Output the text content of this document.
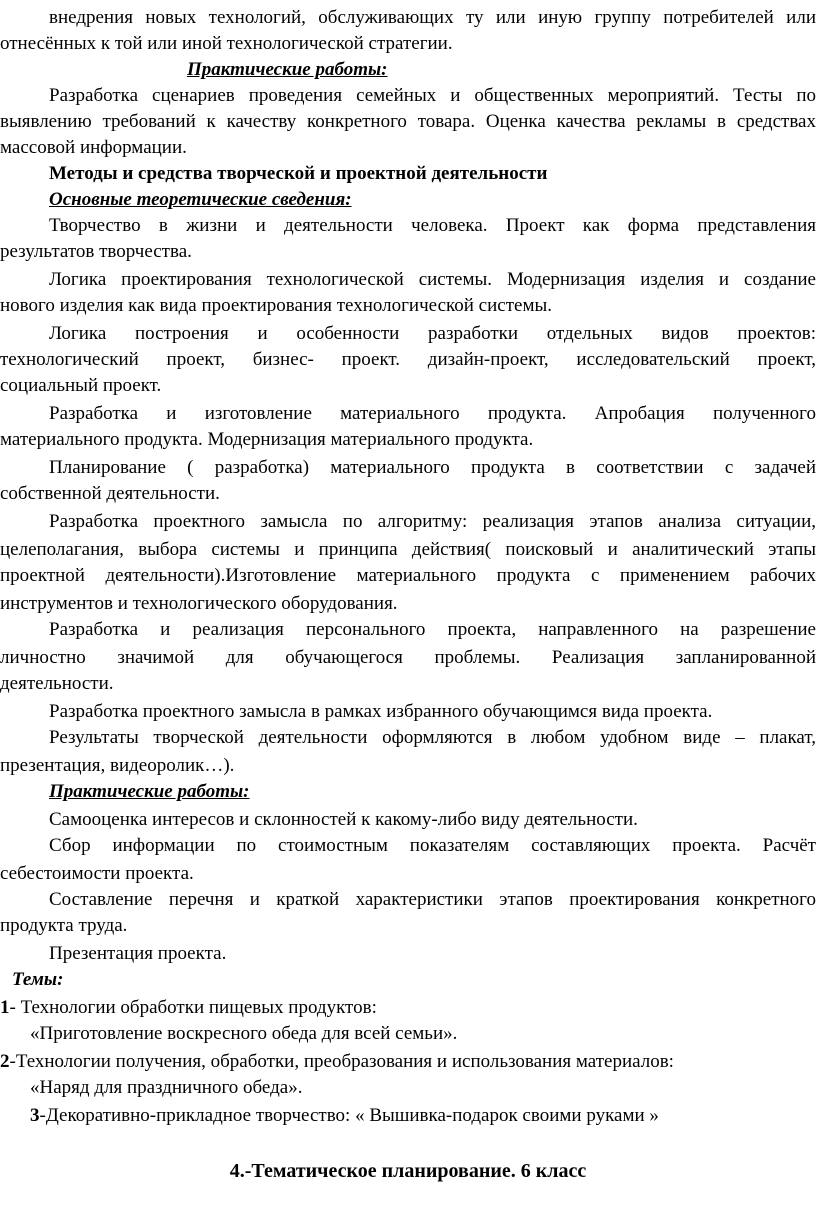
внедрения новых технологий, обслуживающих ту или иную группу потребителей или
отнесённых к той или иной технологической стратегии.
Практические работы:
Разработка сценариев проведения семейных и общественных мероприятий. Тесты по
выявлению требований к качеству конкретного товара. Оценка качества рекламы в средствах
массовой информации.
Методы и средства творческой и проектной деятельности
Основные теоретические сведения:
Творчество в жизни и деятельности человека. Проект как форма представления
результатов творчества.
Логика проектирования технологической системы. Модернизация изделия и создание
нового изделия как вида проектирования технологической системы.
Логика построения и особенности разработки отдельных видов проектов:
технологический проект, бизнес- проект. дизайн-проект, исследовательский проект,
социальный проект.
Разработка и изготовление материального продукта. Апробация полученного
материального продукта. Модернизация материального продукта.
Планирование ( разработка) материального продукта в соответствии с задачей
собственной деятельности.
Разработка проектного замысла по алгоритму: реализация этапов анализа ситуации,
целеполагания, выбора системы и принципа действия( поисковый и аналитический этапы
проектной деятельности).Изготовление материального продукта с применением рабочих
инструментов и технологического оборудования.
Разработка и реализация персонального проекта, направленного на разрешение
личностно значимой для обучающегося проблемы. Реализация запланированной
деятельности.
Разработка проектного замысла в рамках избранного обучающимся вида проекта.
Результаты творческой деятельности оформляются в любом удобном виде – плакат,
презентация, видеоролик…).
Практические работы:
Самооценка интересов и склонностей к какому-либо виду деятельности.
Сбор информации по стоимостным показателям составляющих проекта. Расчёт
себестоимости проекта.
Составление перечня и краткой характеристики этапов проектирования конкретного
продукта труда.
Презентация проекта.
Темы:
1- Технологии обработки пищевых продуктов:
«Приготовление воскресного обеда для всей семьи».
2-Технологии получения, обработки, преобразования и использования материалов:
«Наряд для праздничного обеда».
3-Декоративно-прикладное творчество: « Вышивка-подарок своими руками »
4.-Тематическое планирование. 6 класс
